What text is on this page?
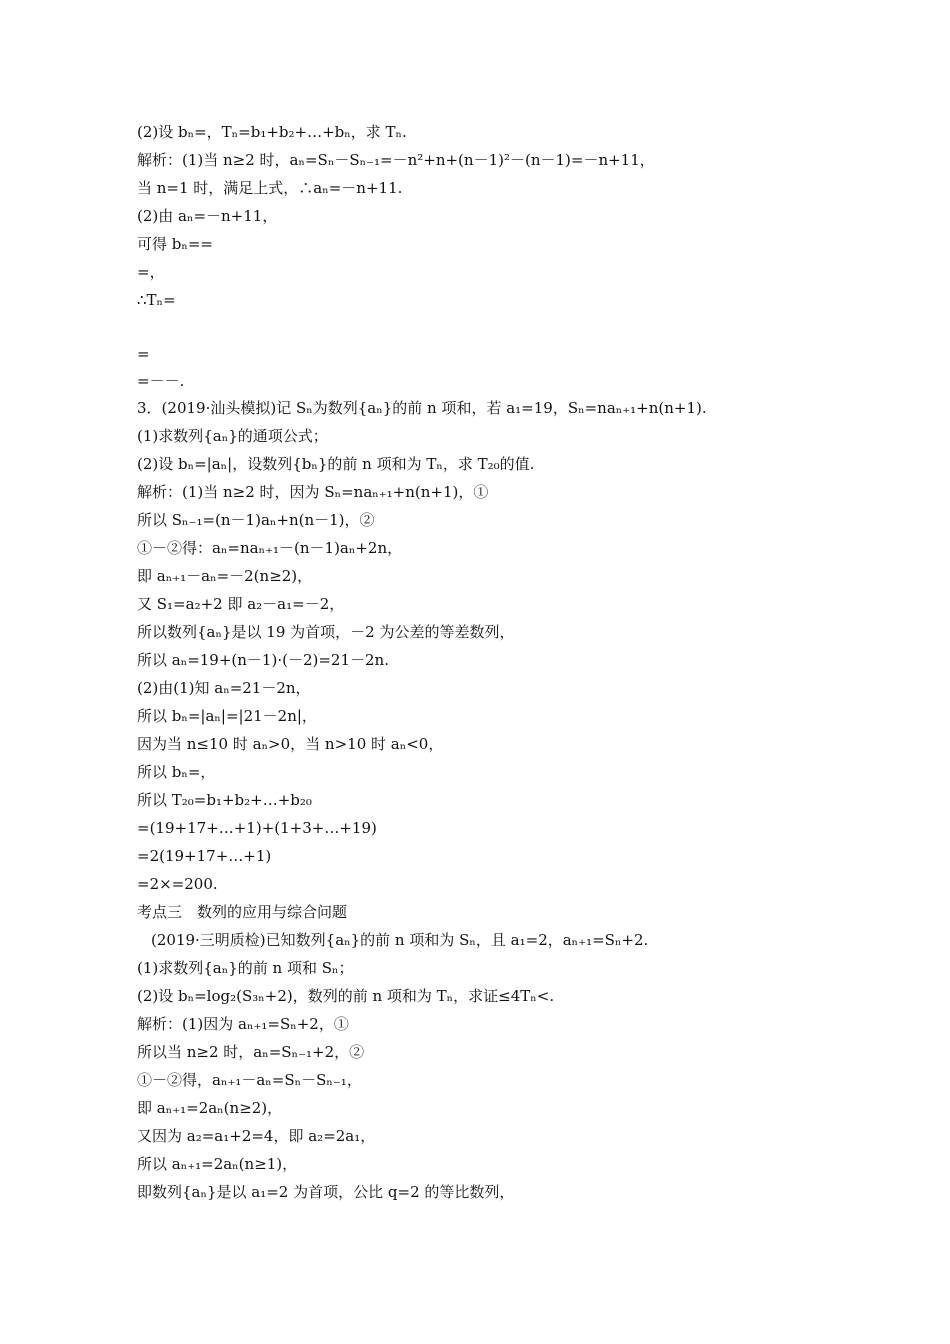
(2)设 bₙ=，Tₙ=b₁+b₂+…+bₙ，求 Tₙ.
解析：(1)当 n≥2 时，aₙ=Sₙ－Sₙ₋₁=－n²+n+(n－1)²－(n－1)=－n+11，
当 n=1 时，满足上式，∴aₙ=－n+11.
(2)由 aₙ=－n+11，
可得 bₙ==
=，
∴Tₙ=
=
=－－.
3．(2019·汕头模拟)记 Sₙ为数列{aₙ}的前 n 项和，若 a₁=19，Sₙ=naₙ₊₁+n(n+1).
(1)求数列{aₙ}的通项公式；
(2)设 bₙ=|aₙ|，设数列{bₙ}的前 n 项和为 Tₙ，求 T₂₀的值.
解析：(1)当 n≥2 时，因为 Sₙ=naₙ₊₁+n(n+1)，①
所以 Sₙ₋₁=(n－1)aₙ+n(n－1)，②
①－②得：aₙ=naₙ₊₁－(n－1)aₙ+2n，
即 aₙ₊₁－aₙ=－2(n≥2)，
又 S₁=a₂+2 即 a₂－a₁=－2，
所以数列{aₙ}是以 19 为首项，－2 为公差的等差数列，
所以 aₙ=19+(n－1)·(－2)=21－2n.
(2)由(1)知 aₙ=21－2n，
所以 bₙ=|aₙ|=|21－2n|，
因为当 n≤10 时 aₙ>0，当 n>10 时 aₙ<0，
所以 bₙ=，
所以 T₂₀=b₁+b₂+…+b₂₀
=(19+17+…+1)+(1+3+…+19)
=2(19+17+…+1)
=2×=200.
考点三　数列的应用与综合问题
(2019·三明质检)已知数列{aₙ}的前 n 项和为 Sₙ，且 a₁=2，aₙ₊₁=Sₙ+2.
(1)求数列{aₙ}的前 n 项和 Sₙ；
(2)设 bₙ=log₂(S₃ₙ+2)，数列的前 n 项和为 Tₙ，求证≤4Tₙ<.
解析：(1)因为 aₙ₊₁=Sₙ+2，①
所以当 n≥2 时，aₙ=Sₙ₋₁+2，②
①－②得，aₙ₊₁－aₙ=Sₙ－Sₙ₋₁，
即 aₙ₊₁=2aₙ(n≥2)，
又因为 a₂=a₁+2=4，即 a₂=2a₁，
所以 aₙ₊₁=2aₙ(n≥1)，
即数列{aₙ}是以 a₁=2 为首项，公比 q=2 的等比数列，
